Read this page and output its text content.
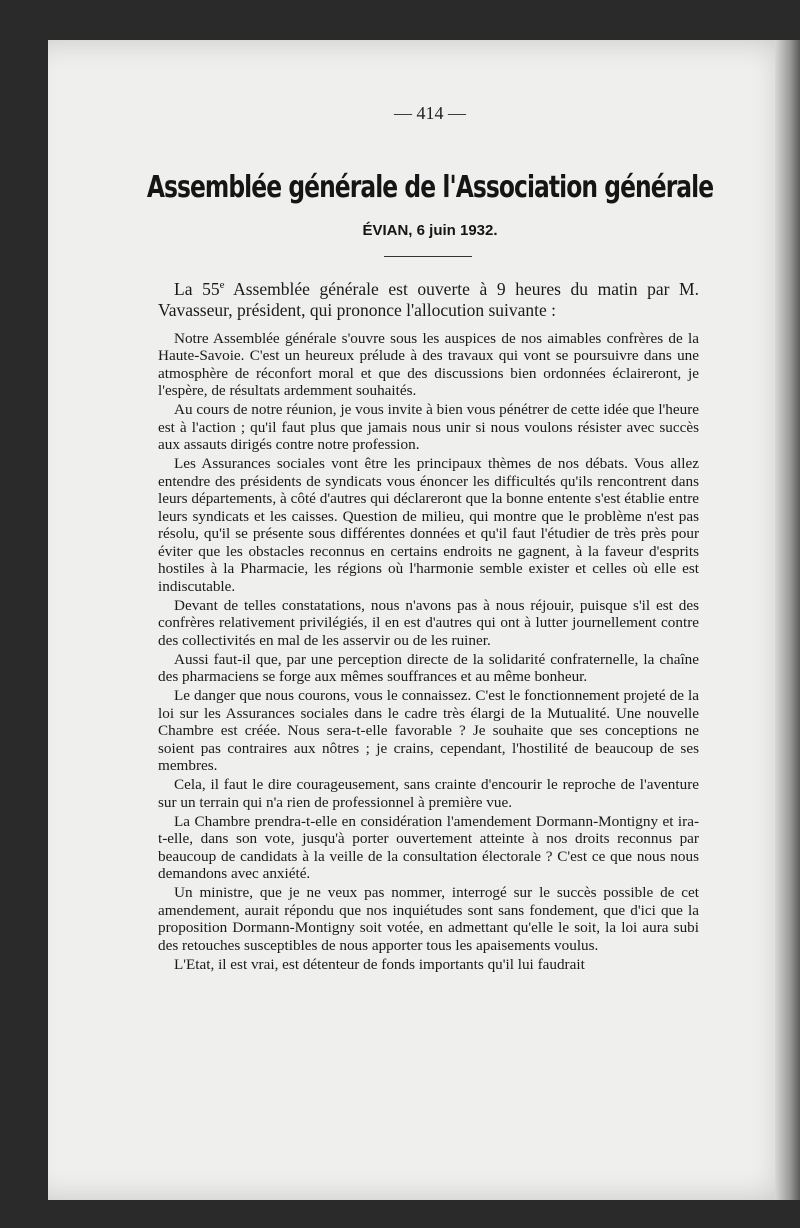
— 414 —
Assemblée générale de l'Association générale
ÉVIAN, 6 juin 1932.

La 55e Assemblée générale est ouverte à 9 heures du matin par M. Vavasseur, président, qui prononce l'allocution suivante :

Notre Assemblée générale s'ouvre sous les auspices de nos aimables confrères de la Haute-Savoie. C'est un heureux prélude à des travaux qui vont se poursuivre dans une atmosphère de réconfort moral et que des discussions bien ordonnées éclaireront, je l'espère, de résultats ardemment souhaités.

Au cours de notre réunion, je vous invite à bien vous pénétrer de cette idée que l'heure est à l'action ; qu'il faut plus que jamais nous unir si nous voulons résister avec succès aux assauts dirigés contre notre profession.

Les Assurances sociales vont être les principaux thèmes de nos débats. Vous allez entendre des présidents de syndicats vous énoncer les difficultés qu'ils rencontrent dans leurs départements, à côté d'autres qui déclareront que la bonne entente s'est établie entre leurs syndicats et les caisses. Question de milieu, qui montre que le problème n'est pas résolu, qu'il se présente sous différentes données et qu'il faut l'étudier de très près pour éviter que les obstacles reconnus en certains endroits ne gagnent, à la faveur d'esprits hostiles à la Pharmacie, les régions où l'harmonie semble exister et celles où elle est indiscutable.

Devant de telles constatations, nous n'avons pas à nous réjouir, puisque s'il est des confrères relativement privilégiés, il en est d'autres qui ont à lutter journellement contre des collectivités en mal de les asservir ou de les ruiner.

Aussi faut-il que, par une perception directe de la solidarité confraternelle, la chaîne des pharmaciens se forge aux mêmes souffrances et au même bonheur.

Le danger que nous courons, vous le connaissez. C'est le fonctionnement projeté de la loi sur les Assurances sociales dans le cadre très élargi de la Mutualité. Une nouvelle Chambre est créée. Nous sera-t-elle favorable ? Je souhaite que ses conceptions ne soient pas contraires aux nôtres ; je crains, cependant, l'hostilité de beaucoup de ses membres.

Cela, il faut le dire courageusement, sans crainte d'encourir le reproche de l'aventure sur un terrain qui n'a rien de professionnel à première vue.

La Chambre prendra-t-elle en considération l'amendement Dormann-Montigny et ira-t-elle, dans son vote, jusqu'à porter ouvertement atteinte à nos droits reconnus par beaucoup de candidats à la veille de la consultation électorale ? C'est ce que nous nous demandons avec anxiété.

Un ministre, que je ne veux pas nommer, interrogé sur le succès possible de cet amendement, aurait répondu que nos inquiétudes sont sans fondement, que d'ici que la proposition Dormann-Montigny soit votée, en admettant qu'elle le soit, la loi aura subi des retouches susceptibles de nous apporter tous les apaisements voulus.

L'Etat, il est vrai, est détenteur de fonds importants qu'il lui faudrait
